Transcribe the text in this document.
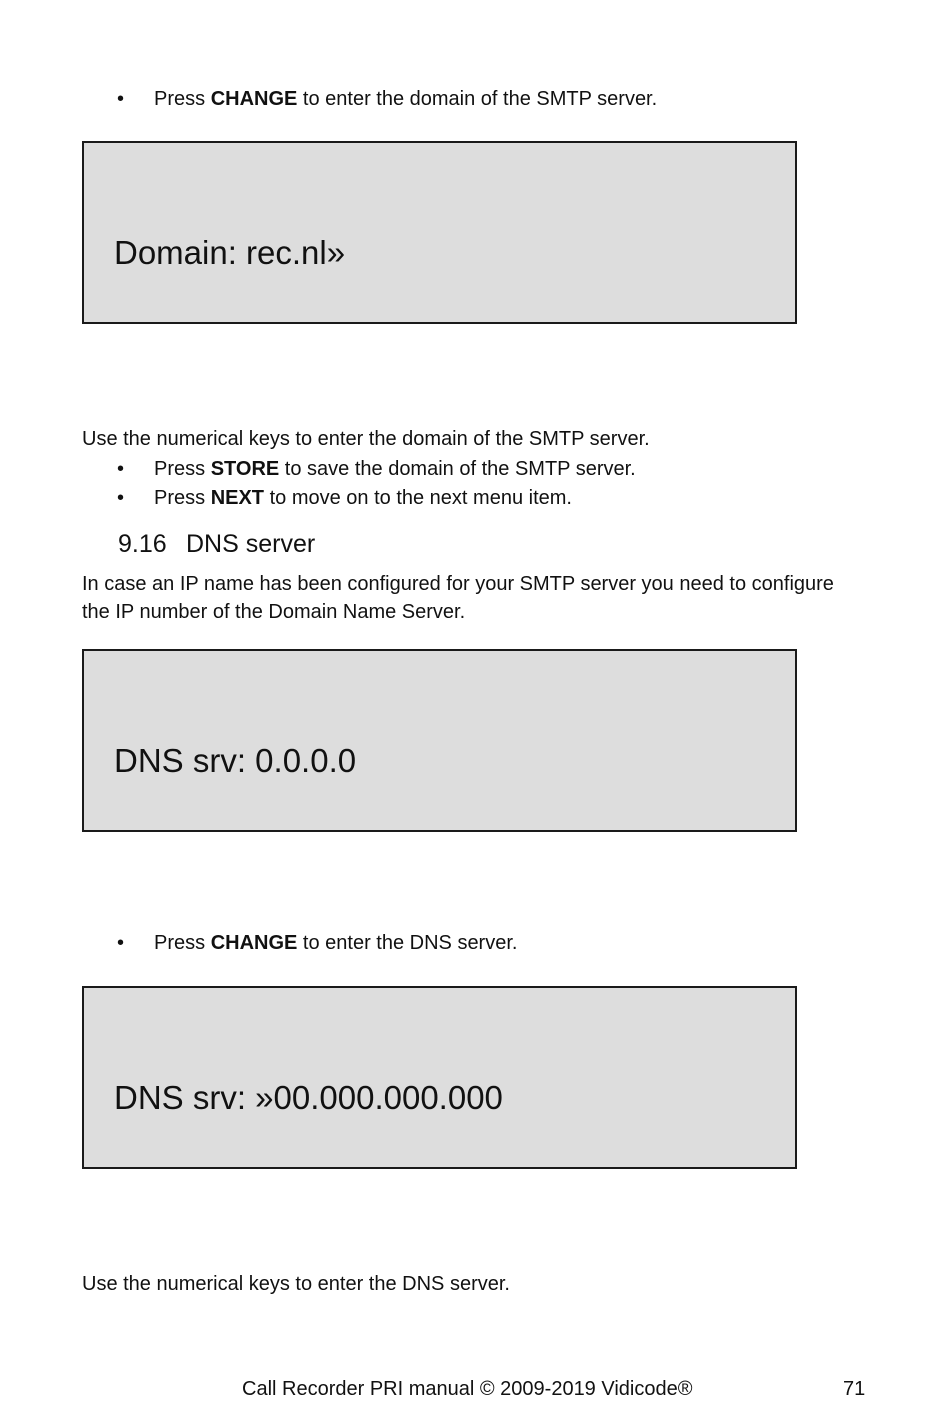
•Press CHANGE to enter the domain of the SMTP server.
Domain: rec.nl»
Use the numerical keys to enter the domain of the SMTP server.
•Press STORE to save the domain of the SMTP server.
•Press NEXT to move on to the next menu item.
9.16 DNS server
In case an IP name has been configured for your SMTP server you need to configure
the IP number of the Domain Name Server.
DNS srv: 0.0.0.0
•Press CHANGE to enter the DNS server.
DNS srv: »00.000.000.000
Use the numerical keys to enter the DNS server.
Call Recorder PRI manual © 2009-2019 Vidicode®	71
